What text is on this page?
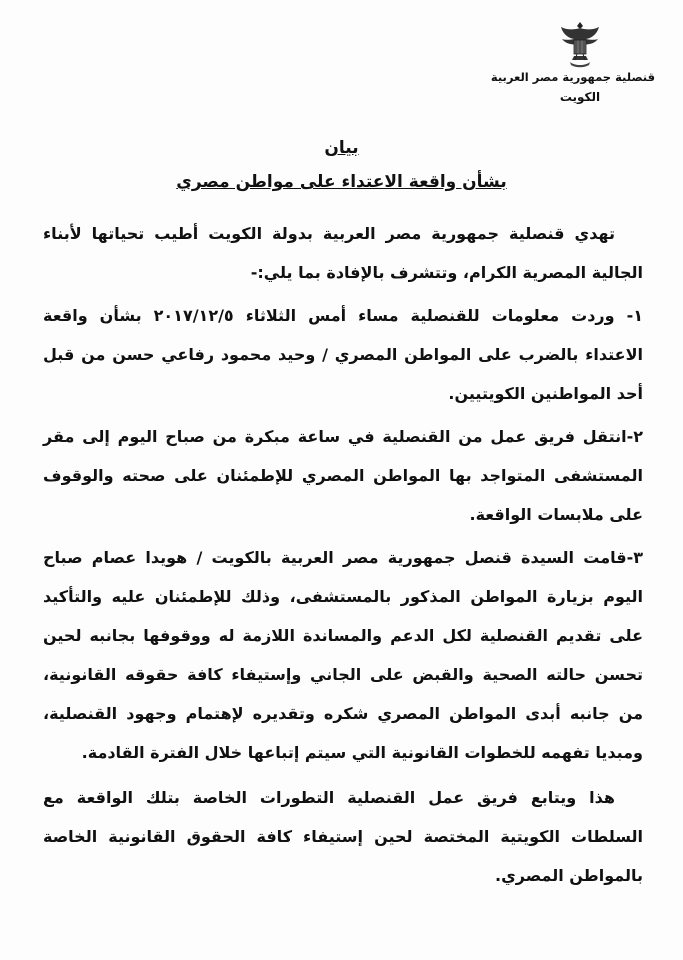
قنصلية جمهورية مصر العربية
الكويت
بيان
بشأن واقعة الاعتداء على مواطن مصري

تهدي قنصلية جمهورية مصر العربية بدولة الكويت أطيب تحياتها لأبناء الجالية المصرية الكرام، وتتشرف بالإفادة بما يلي:-

١- وردت معلومات للقنصلية مساء أمس الثلاثاء ٢٠١٧/١٢/٥ بشأن واقعة الاعتداء بالضرب على المواطن المصري / وحيد محمود رفاعي حسن من قبل أحد المواطنين الكويتيين.

٢-انتقل فريق عمل من القنصلية في ساعة مبكرة من صباح اليوم إلى مقر المستشفى المتواجد بها المواطن المصري للإطمئنان على صحته والوقوف على ملابسات الواقعة.

٣-قامت السيدة قنصل جمهورية مصر العربية بالكويت / هويدا عصام صباح اليوم بزيارة المواطن المذكور بالمستشفى، وذلك للإطمئنان عليه والتأكيد على تقديم القنصلية لكل الدعم والمساندة اللازمة له ووقوفها بجانبه لحين تحسن حالته الصحية والقبض على الجاني وإستيفاء كافة حقوقه القانونية، من جانبه أبدى المواطن المصري شكره وتقديره لإهتمام وجهود القنصلية، ومبديا تفهمه للخطوات القانونية التي سيتم إتباعها خلال الفترة القادمة.

هذا ويتابع فريق عمل القنصلية التطورات الخاصة بتلك الواقعة مع السلطات الكويتية المختصة لحين إستيفاء كافة الحقوق القانونية الخاصة بالمواطن المصري.
